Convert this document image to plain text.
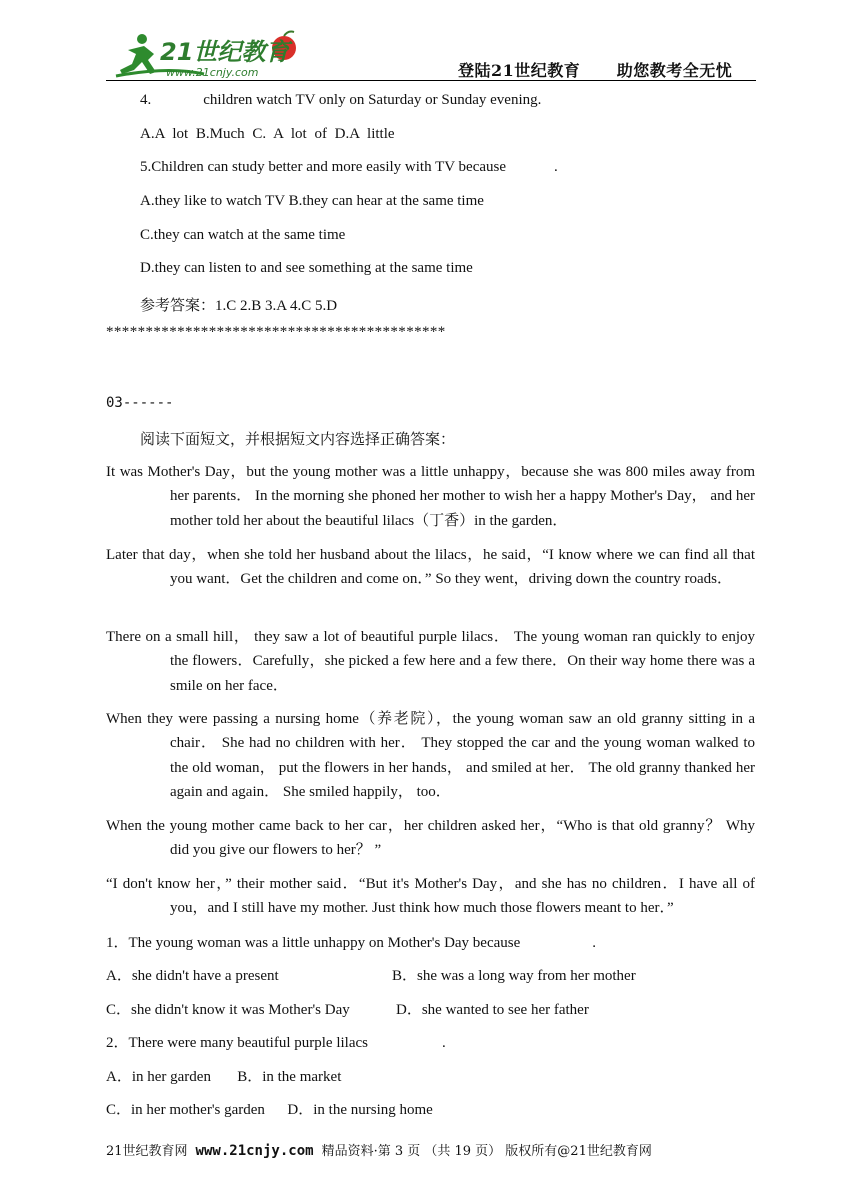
21世纪教育
www.21cnjy.com	登陆21世纪教育 助您教考全无忧
4.	children watch TV only on Saturday or Sunday evening.
A.A lot B.Much C. A lot of D.A little
5.Children can study better and more easily with TV because	.
A.they like to watch TV B.they can hear at the same time
C.they can watch at the same time
D.they can listen to and see something at the same time
参考答案：1.C 2.B 3.A 4.C 5.D
*******************************************
03------
阅读下面短文，并根据短文内容选择正确答案：
It was Mother's Day，but the young mother was a little unhappy，because she was 800 miles away from her parents． In the morning she phoned her mother to wish her a happy Mother's Day， and her mother told her about the beautiful lilacs（丁香）in the garden．
Later that day，when she told her husband about the lilacs，he said，“I know where we can find all that you want．Get the children and come on．” So they went，driving down the country roads．
There on a small hill， they saw a lot of beautiful purple lilacs． The young woman ran quickly to enjoy the flowers．Carefully，she picked a few here and a few there．On their way home there was a smile on her face．
When they were passing a nursing home（养老院），the young woman saw an old granny sitting in a chair． She had no children with her． They stopped the car and the young woman walked to the old woman， put the flowers in her hands， and smiled at her． The old granny thanked her again and again． She smiled happily， too．
When the young mother came back to her car，her children asked her，“Who is that old granny？ Why did you give our flowers to her？ ”
“I don't know her，” their mother said．“But it's Mother's Day，and she has no children．I have all of you，and I still have my mother. Just think how much those flowers meant to her．”
1．The young woman was a little unhappy on Mother's Day because	.
A．she didn't have a present	B．she was a long way from her mother
C．she didn't know it was Mother's Day	D．she wanted to see her father
2．There were many beautiful purple lilacs	.
A．in her garden       B．in the market
C．in her mother's garden      D．in the nursing home
21世纪教育网 www.21cnjy.com 精品资料·第 3 页 （共 19 页） 版权所有@21世纪教育网
